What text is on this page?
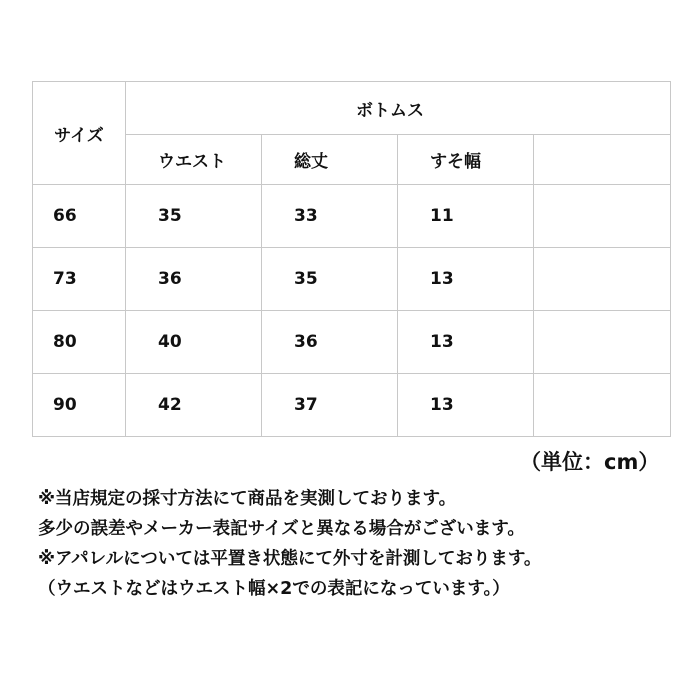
サイズ	ボトムス			
	ウエスト	総丈	すそ幅	
66	35	33	11	
73	36	35	13	
80	40	36	13	
90	42	37	13	
（単位：cm）
※当店規定の採寸方法にて商品を実測しております。
多少の誤差やメーカー表記サイズと異なる場合がございます。
※アパレルについては平置き状態にて外寸を計測しております。
（ウエストなどはウエスト幅×2での表記になっています。）
